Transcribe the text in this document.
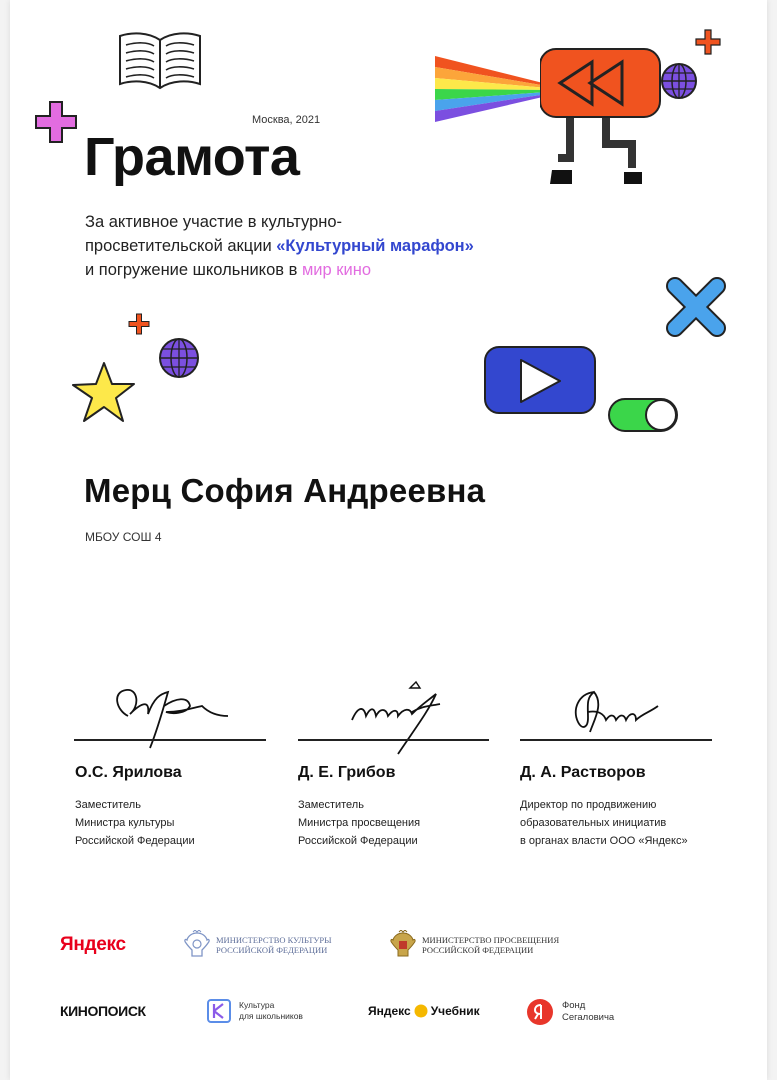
Москва, 2021
Грамота
За активное участие в культурно-
просветительской акции «Культурный марафон»
и погружение школьников в мир кино
Мерц София Андреевна
МБОУ СОШ 4
О.С. Ярилова	Д. Е. Грибов	Д. А. Растворов
Заместитель
Министра культуры
Российской Федерации
Заместитель
Министра просвещения
Российской Федерации
Директор по продвижению
образовательных инициатив
в органах власти ООО «Яндекс»
Яндекс	МИНИСТЕРСТВО КУЛЬТУРЫ
РОССИЙСКОЙ ФЕДЕРАЦИИ
МИНИСТЕРСТВО ПРОСВЕЩЕНИЯ
РОССИЙСКОЙ ФЕДЕРАЦИИ
КИНОПОИСК	Культура
для школьников	Яндекс Учебник	Фонд
Сегаловича
